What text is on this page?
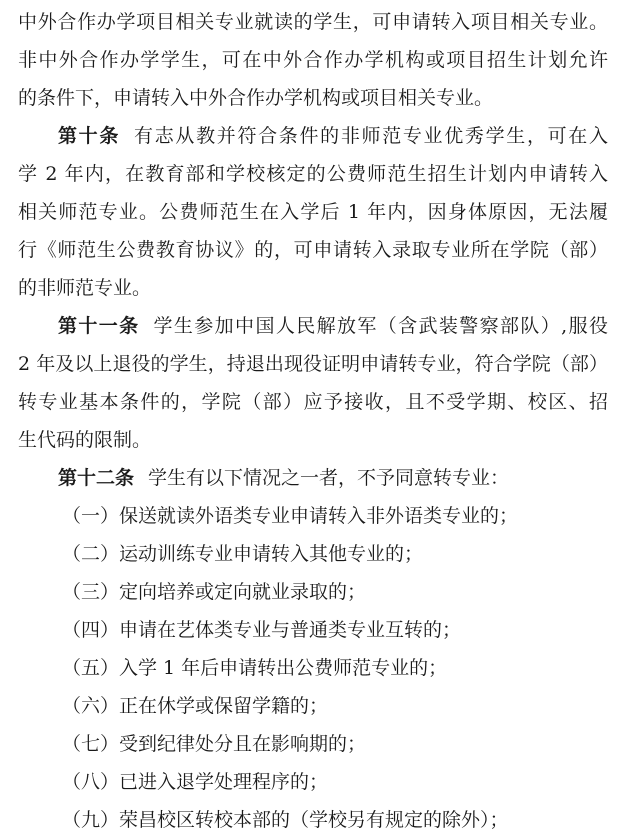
中外合作办学项目相关专业就读的学生，可申请转入项目相关专业。
非中外合作办学学生，可在中外合作办学机构或项目招生计划允许
的条件下，申请转入中外合作办学机构或项目相关专业。
第十条 有志从教并符合条件的非师范专业优秀学生，可在入
学 2 年内，在教育部和学校核定的公费师范生招生计划内申请转入
相关师范专业。公费师范生在入学后 1 年内，因身体原因，无法履
行《师范生公费教育协议》的，可申请转入录取专业所在学院（部）
的非师范专业。
第十一条 学生参加中国人民解放军（含武装警察部队）,服役
2 年及以上退役的学生，持退出现役证明申请转专业，符合学院（部）
转专业基本条件的，学院（部）应予接收，且不受学期、校区、招
生代码的限制。
第十二条 学生有以下情况之一者，不予同意转专业：
（一）保送就读外语类专业申请转入非外语类专业的；
（二）运动训练专业申请转入其他专业的；
（三）定向培养或定向就业录取的；
（四）申请在艺体类专业与普通类专业互转的；
（五）入学 1 年后申请转出公费师范专业的；
（六）正在休学或保留学籍的；
（七）受到纪律处分且在影响期的；
（八）已进入退学处理程序的；
（九）荣昌校区转校本部的（学校另有规定的除外）；
